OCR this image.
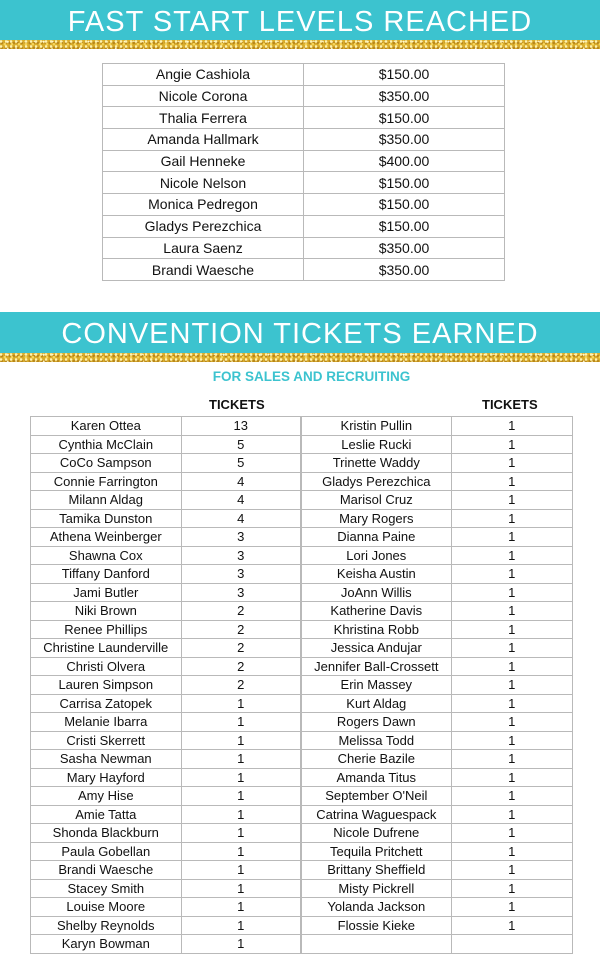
FAST START LEVELS REACHED
Angie Cashiola	$150.00
Nicole Corona	$350.00
Thalia Ferrera	$150.00
Amanda Hallmark	$350.00
Gail Henneke	$400.00
Nicole Nelson	$150.00
Monica Pedregon	$150.00
Gladys Perezchica	$150.00
Laura Saenz	$350.00
Brandi Waesche	$350.00
CONVENTION TICKETS EARNED
FOR SALES AND RECRUITING
TICKETS	TICKETS
Karen Ottea	13
Cynthia McClain	5
CoCo Sampson	5
Connie Farrington	4
Milann Aldag	4
Tamika Dunston	4
Athena Weinberger	3
Shawna Cox	3
Tiffany Danford	3
Jami Butler	3
Niki Brown	2
Renee Phillips	2
Christine Launderville	2
Christi Olvera	2
Lauren Simpson	2
Carrisa Zatopek	1
Melanie Ibarra	1
Cristi Skerrett	1
Sasha Newman	1
Mary Hayford	1
Amy Hise	1
Amie Tatta	1
Shonda Blackburn	1
Paula Gobellan	1
Brandi Waesche	1
Stacey Smith	1
Louise Moore	1
Shelby Reynolds	1
Karyn Bowman	1
Kristin Pullin	1
Leslie Rucki	1
Trinette Waddy	1
Gladys Perezchica	1
Marisol Cruz	1
Mary Rogers	1
Dianna Paine	1
Lori Jones	1
Keisha Austin	1
JoAnn Willis	1
Katherine Davis	1
Khristina Robb	1
Jessica Andujar	1
Jennifer Ball-Crossett	1
Erin Massey	1
Kurt Aldag	1
Rogers Dawn	1
Melissa Todd	1
Cherie Bazile	1
Amanda Titus	1
September O'Neil	1
Catrina Waguespack	1
Nicole Dufrene	1
Tequila Pritchett	1
Brittany Sheffield	1
Misty Pickrell	1
Yolanda Jackson	1
Flossie Kieke	1
